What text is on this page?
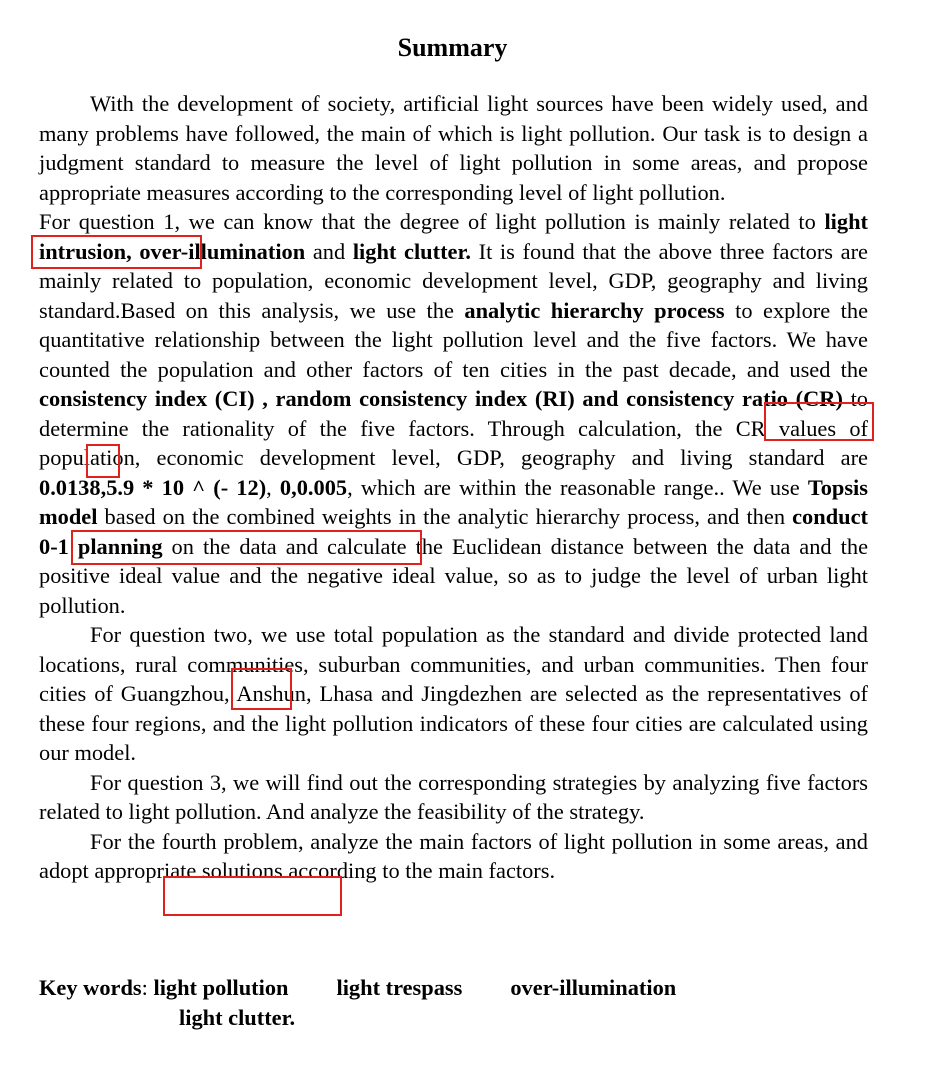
Summary

With the development of society, artificial light sources have been widely used, and many problems have followed, the main of which is light pollution. Our task is to design a judgment standard to measure the level of light pollution in some areas, and propose appropriate measures according to the corresponding level of light pollution.

For question 1, we can know that the degree of light pollution is mainly related to light intrusion, over-illumination and light clutter. It is found that the above three factors are mainly related to population, economic development level, GDP, geography and living standard.Based on this analysis, we use the analytic hierarchy process to explore the quantitative relationship between the light pollution level and the five factors. We have counted the population and other factors of ten cities in the past decade, and used the consistency index (CI) , random consistency index (RI) and consistency ratio (CR) to determine the rationality of the five factors. Through calculation, the CR values of population, economic development level, GDP, geography and living standard are 0.0138,5.9 * 10 ^ (- 12), 0,0.005, which are within the reasonable range.. We use Topsis model based on the combined weights in the analytic hierarchy process, and then conduct 0-1 planning on the data and calculate the Euclidean distance between the data and the positive ideal value and the negative ideal value, so as to judge the level of urban light pollution.

For question two, we use total population as the standard and divide protected land locations, rural communities, suburban communities, and urban communities. Then four cities of Guangzhou, Anshun, Lhasa and Jingdezhen are selected as the representatives of these four regions, and the light pollution indicators of these four cities are calculated using our model.

For question 3, we will find out the corresponding strategies by analyzing five factors related to light pollution. And analyze the feasibility of the strategy.

For the fourth problem, analyze the main factors of light pollution in some areas, and adopt appropriate solutions according to the main factors.

Key words: light pollution light trespass over-illumination
light clutter.
